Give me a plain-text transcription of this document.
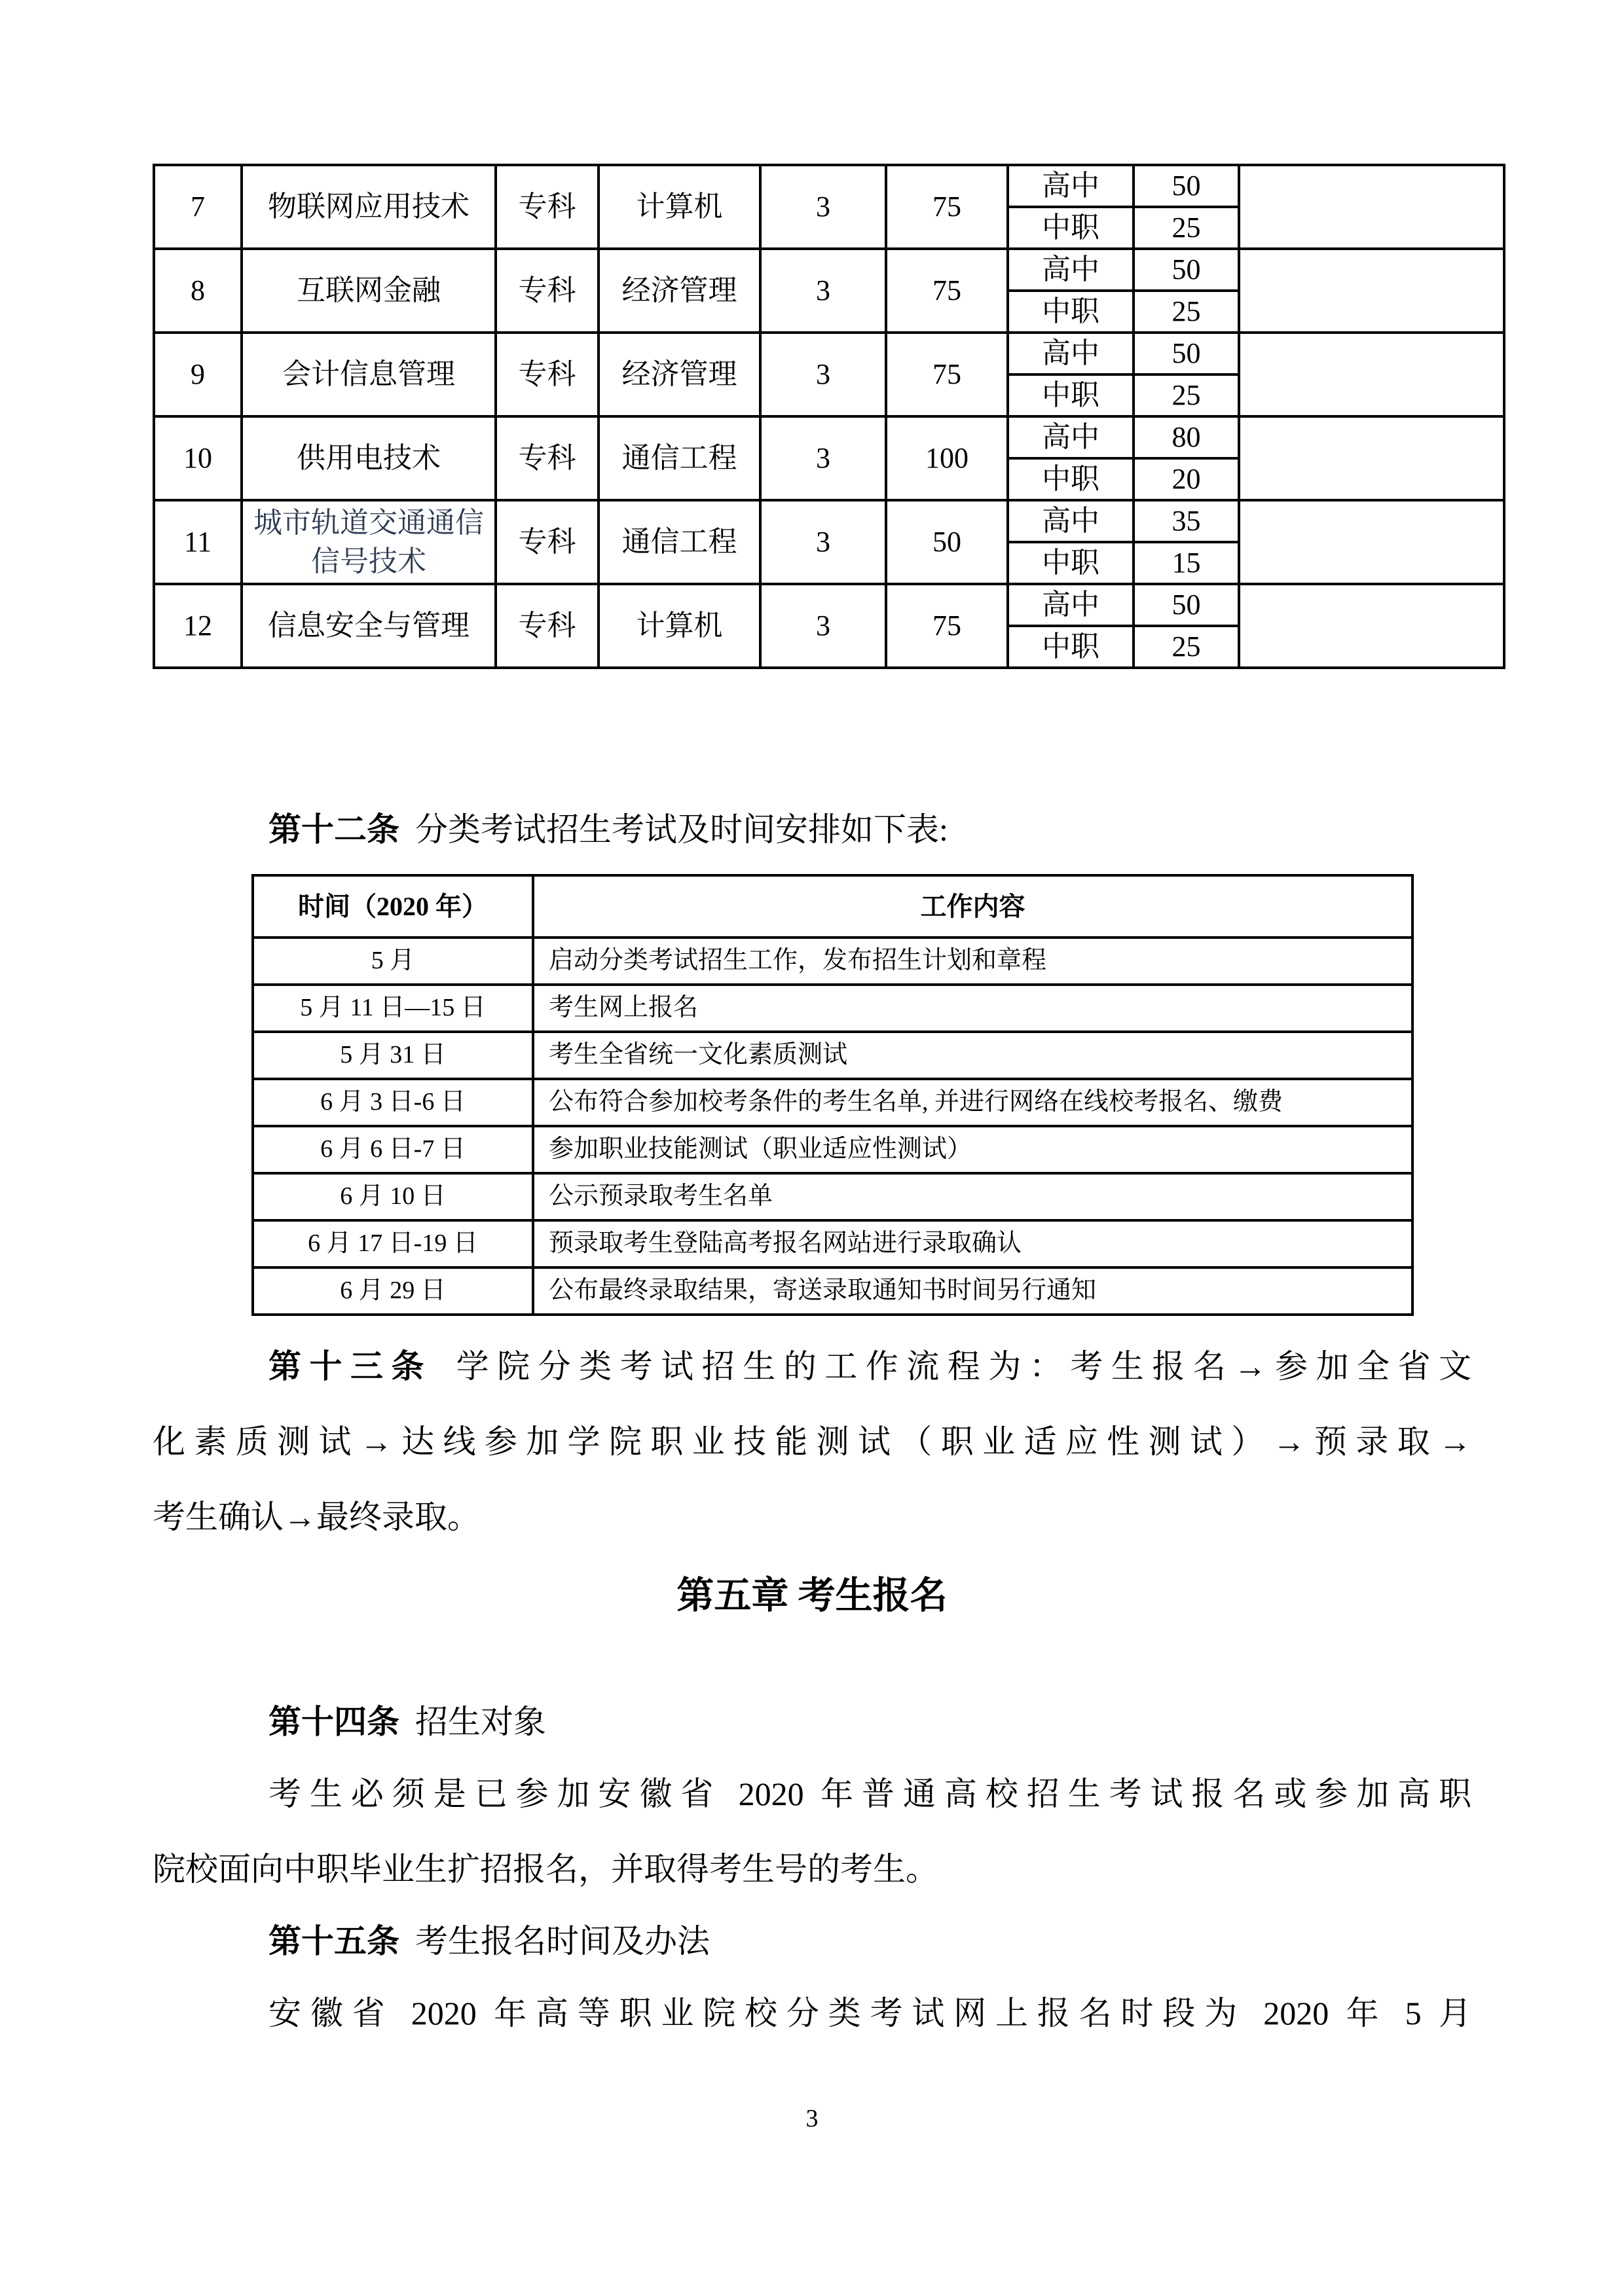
7	物联网应用技术	专科	计算机	3	75	高中	50	
						中职	25	
8	互联网金融	专科	经济管理	3	75	高中	50	
						中职	25	
9	会计信息管理	专科	经济管理	3	75	高中	50	
						中职	25	
10	供用电技术	专科	通信工程	3	100	高中	80	
						中职	20	
11	城市轨道交通通信信号技术	专科	通信工程	3	50	高中	35	
						中职	15	
12	信息安全与管理	专科	计算机	3	75	高中	50	
						中职	25	
第十二条 分类考试招生考试及时间安排如下表:
时间（2020 年）	工作内容
5 月	启动分类考试招生工作，发布招生计划和章程
5 月 11 日—15 日	考生网上报名
5 月 31 日	考生全省统一文化素质测试
6 月 3 日-6 日	公布符合参加校考条件的考生名单, 并进行网络在线校考报名、缴费
6 月 6 日-7 日	参加职业技能测试（职业适应性测试）
6 月 10 日	公示预录取考生名单
6 月 17 日-19 日	预录取考生登陆高考报名网站进行录取确认
6 月 29 日	公布最终录取结果，寄送录取通知书时间另行通知
第十三条 学院分类考试招生的工作流程为：考生报名→参加全省文
化素质测试→达线参加学院职业技能测试（职业适应性测试）→预录取→
考生确认→最终录取。
第五章 考生报名
第十四条 招生对象
考生必须是已参加安徽省 2020 年普通高校招生考试报名或参加高职
院校面向中职毕业生扩招报名，并取得考生号的考生。
第十五条 考生报名时间及办法
安徽省 2020 年高等职业院校分类考试网上报名时段为 2020 年 5 月
3
